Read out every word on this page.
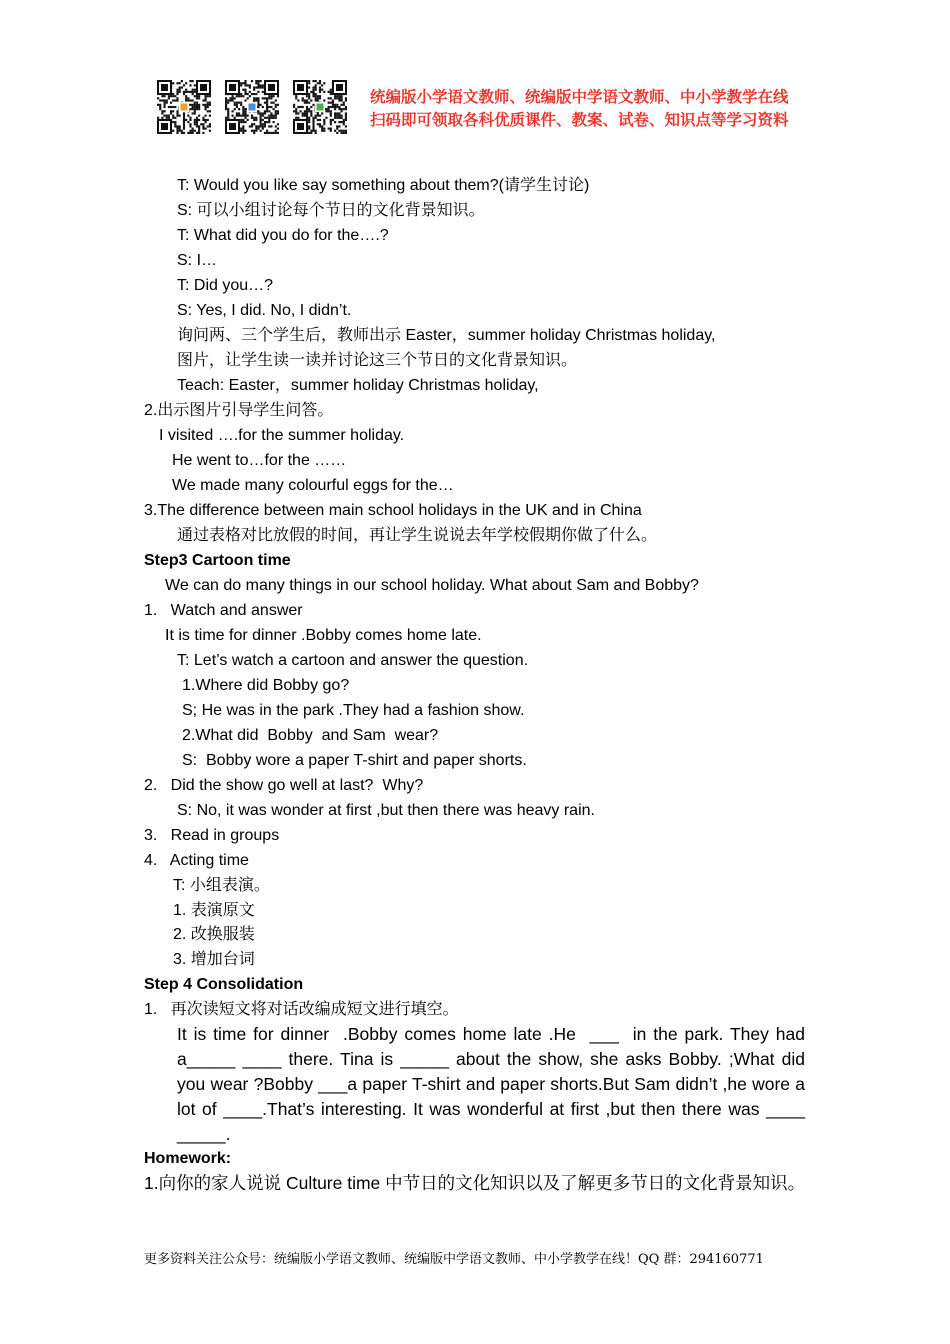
统编版小学语文教师、统编版中学语文教师、中小学教学在线
扫码即可领取各科优质课件、教案、试卷、知识点等学习资料
T: Would you like say something about them?(请学生讨论)
S: 可以小组讨论每个节日的文化背景知识。
T: What did you do for the….?
S: I…
T: Did you…?
S: Yes, I did. No, I didn’t.
询问两、三个学生后，教师出示 Easter，summer holiday Christmas holiday,
图片，让学生读一读并讨论这三个节日的文化背景知识。
Teach: Easter，summer holiday Christmas holiday,
2.出示图片引导学生问答。
I visited ….for the summer holiday.
He went to…for the ……
We made many colourful eggs for the…
3.The difference between main school holidays in the UK and in China
通过表格对比放假的时间，再让学生说说去年学校假期你做了什么。
Step3 Cartoon time
We can do many things in our school holiday. What about Sam and Bobby?
1.   Watch and answer
It is time for dinner .Bobby comes home late.
T: Let’s watch a cartoon and answer the question.
1.Where did Bobby go?
S; He was in the park .They had a fashion show.
2.What did  Bobby  and Sam  wear?
S:  Bobby wore a paper T-shirt and paper shorts.
2.   Did the show go well at last?  Why?
S: No, it was wonder at first ,but then there was heavy rain.
3.   Read in groups
4.   Acting time
T: 小组表演。
1. 表演原文
2. 改换服装
3. 增加台词
Step 4 Consolidation
1.   再次读短文将对话改编成短文进行填空。
It is time for dinner  .Bobby comes home late .He  ___  in the park. They had a_____ ____ there. Tina is _____ about the show, she asks Bobby. ;What did you wear ?Bobby ___a paper T-shirt and paper shorts.But Sam didn’t ,he wore a lot of ____.That’s interesting. It was wonderful at first ,but then there was ____ _____.
Homework:
1.向你的家人说说 Culture time 中节日的文化知识以及了解更多节日的文化背景知识。
更多资料关注公众号：统编版小学语文教师、统编版中学语文教师、中小学教学在线！QQ 群：294160771
